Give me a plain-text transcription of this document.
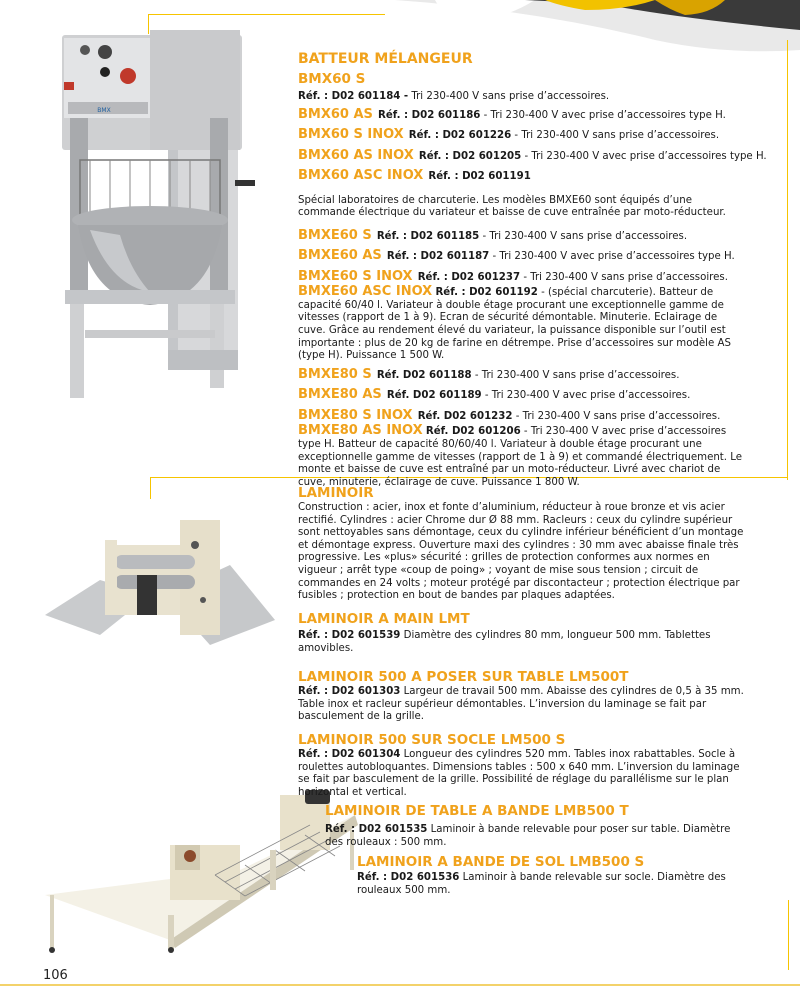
BMX

BATTEUR MÉLANGEUR

BMX60 S

Réf. : D02 601184 - Tri 230-400 V sans prise d’accessoires.

BMX60 AS Réf. : D02 601186 - Tri 230-400 V avec prise d’accessoires type H.

BMX60 S INOX Réf. : D02 601226 - Tri 230-400 V sans prise d’accessoires.

BMX60 AS INOX Réf. : D02 601205 - Tri 230-400 V avec prise d’accessoires type H.

BMX60 ASC INOX Réf. : D02 601191

Spécial laboratoires de charcuterie. Les modèles BMXE60 sont équipés d’une commande électrique du variateur et baisse de cuve entraînée par moto-réducteur.

BMXE60 S Réf. : D02 601185 - Tri 230-400 V sans prise d’accessoires.

BMXE60 AS Réf. : D02 601187 - Tri 230-400 V avec prise d’accessoires type H.

BMXE60 S INOX Réf. : D02 601237 - Tri 230-400 V sans prise d’accessoires.

BMXE60 ASC INOX Réf. : D02 601192 - (spécial charcuterie). Batteur de capacité 60/40 l. Variateur à double étage procurant une exceptionnelle gamme de vitesses (rapport de 1 à 9). Ecran de sécurité démontable. Minuterie. Eclairage de cuve. Grâce au rendement élevé du variateur, la puissance disponible sur l’outil est importante : plus de 20 kg de farine en détrempe. Prise d’accessoires sur modèle AS (type H). Puissance 1 500 W.

BMXE80 S Réf. D02 601188 - Tri 230-400 V sans prise d’accessoires.

BMXE80 AS Réf. D02 601189 - Tri 230-400 V avec prise d’accessoires.

BMXE80 S INOX Réf. D02 601232 - Tri 230-400 V sans prise d’accessoires.

BMXE80 AS INOX Réf. D02 601206 - Tri 230-400 V avec prise d’accessoires type H. Batteur de capacité 80/60/40 l. Variateur à double étage procurant une exceptionnelle gamme de vitesses (rapport de 1 à 9) et commandé électriquement. Le monte et baisse de cuve est entraîné par un moto-réducteur. Livré avec chariot de cuve, minuterie, éclairage de cuve. Puissance 1 800 W.

LAMINOIR

Construction : acier, inox et fonte d’aluminium, réducteur à roue bronze et vis acier rectifié. Cylindres : acier Chrome dur Ø 88 mm. Racleurs : ceux du cylindre supérieur sont nettoyables sans démontage, ceux du cylindre inférieur bénéficient d’un montage et démontage express. Ouverture maxi des cylindres : 30 mm avec abaisse finale très progressive. Les «plus» sécurité : grilles de protection conformes aux normes en vigueur ; arrêt type «coup de poing» ; voyant de mise sous tension ; circuit de commandes en 24 volts ; moteur protégé par discontacteur ; protection électrique par fusibles ; protection en bout de bandes par plaques adaptées.

LAMINOIR A MAIN LMT

Réf. : D02 601539 Diamètre des cylindres 80 mm, longueur 500 mm. Tablettes amovibles.

LAMINOIR 500 A POSER SUR TABLE LM500T

Réf. : D02 601303 Largeur de travail 500 mm. Abaisse des cylindres de 0,5 à 35 mm. Table inox et racleur supérieur démontables. L’inversion du laminage se fait par basculement de la grille.

LAMINOIR 500 SUR SOCLE LM500 S

Réf. : D02 601304 Longueur des cylindres 520 mm. Tables inox rabattables. Socle à roulettes autobloquantes. Dimensions tables : 500 x 640 mm. L’inversion du laminage se fait par basculement de la grille. Possibilité de réglage du parallélisme sur le plan horizontal et vertical.

LAMINOIR DE TABLE A BANDE LMB500 T

Réf. : D02 601535 Laminoir à bande relevable pour poser sur table. Diamètre des rouleaux : 500 mm.

LAMINOIR A BANDE DE SOL LMB500 S

Réf. : D02 601536 Laminoir à bande relevable sur socle. Diamètre des rouleaux 500 mm.

106
